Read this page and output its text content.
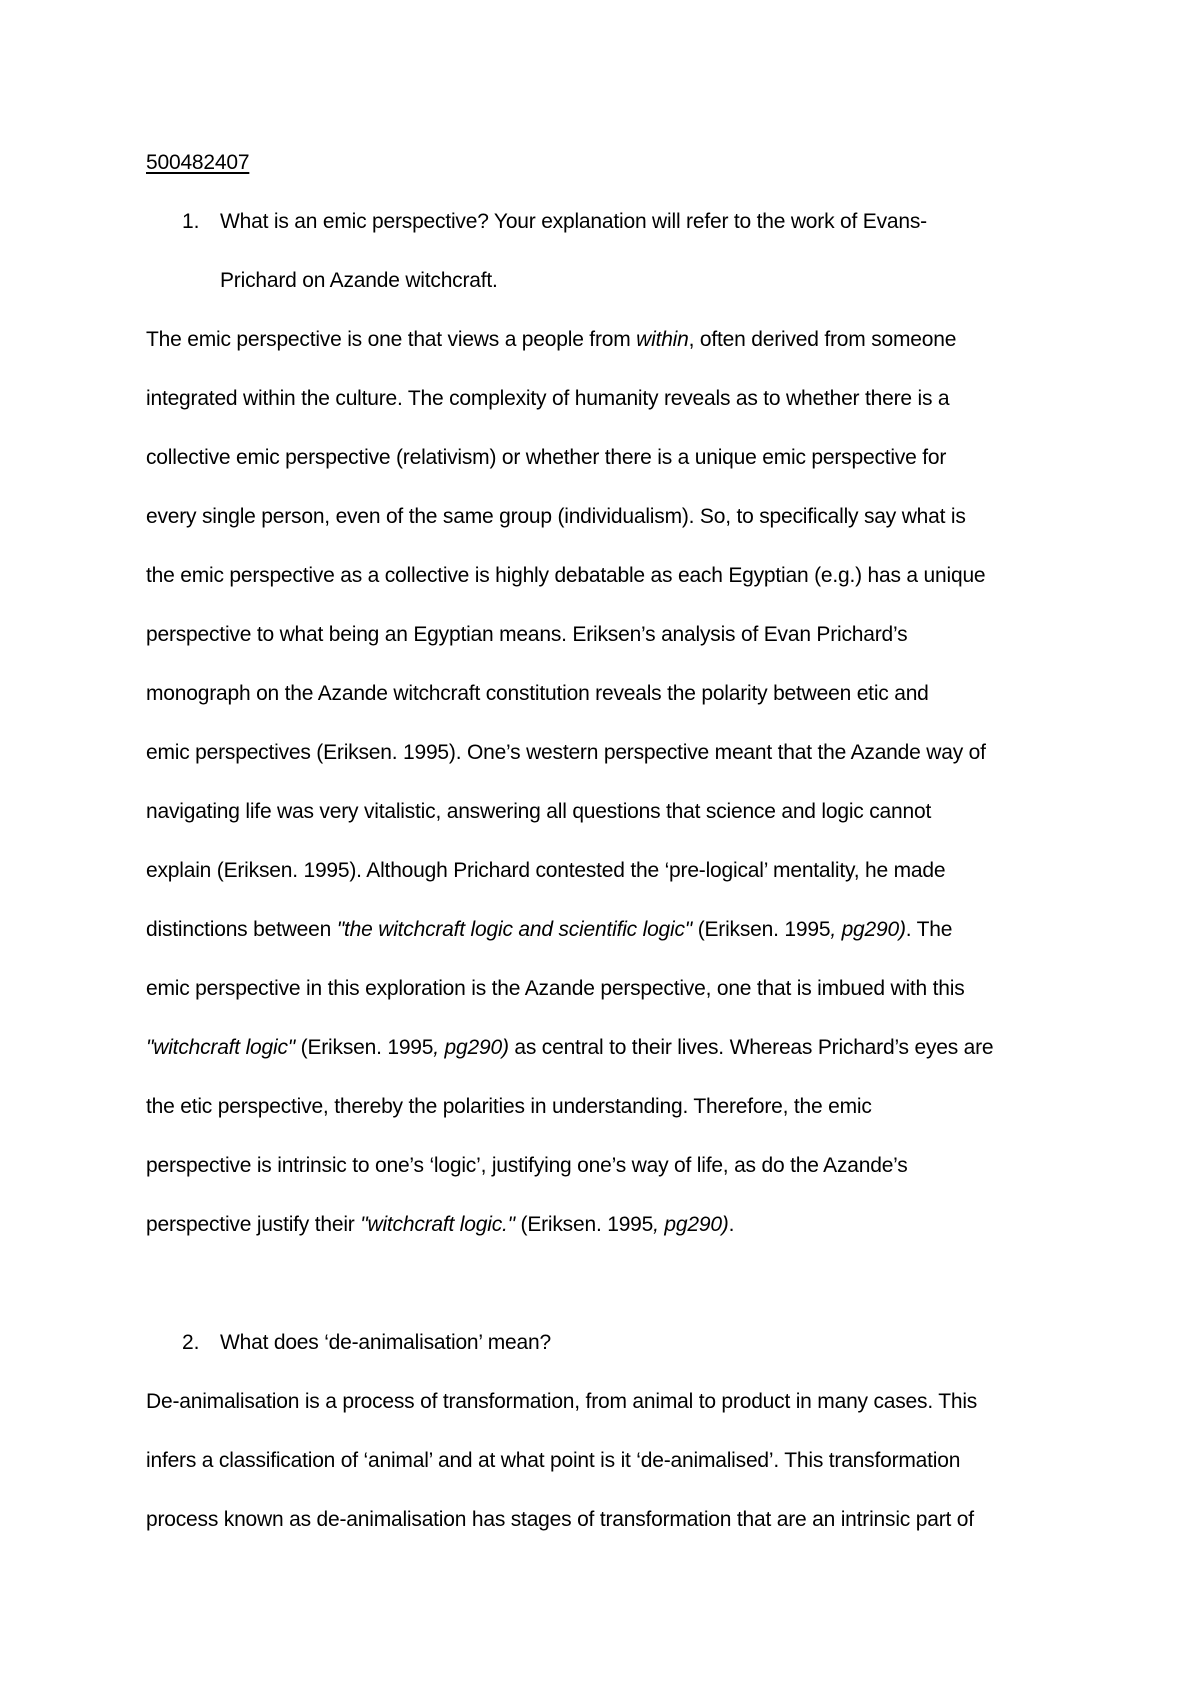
500482407
1. What is an emic perspective? Your explanation will refer to the work of Evans-
Prichard on Azande witchcraft.
The emic perspective is one that views a people from within, often derived from someone
integrated within the culture. The complexity of humanity reveals as to whether there is a
collective emic perspective (relativism) or whether there is a unique emic perspective for
every single person, even of the same group (individualism). So, to specifically say what is
the emic perspective as a collective is highly debatable as each Egyptian (e.g.) has a unique
perspective to what being an Egyptian means. Eriksen’s analysis of Evan Prichard’s
monograph on the Azande witchcraft constitution reveals the polarity between etic and
emic perspectives (Eriksen. 1995). One’s western perspective meant that the Azande way of
navigating life was very vitalistic, answering all questions that science and logic cannot
explain (Eriksen. 1995). Although Prichard contested the ‘pre-logical’ mentality, he made
distinctions between "the witchcraft logic and scientific logic" (Eriksen. 1995, pg290). The
emic perspective in this exploration is the Azande perspective, one that is imbued with this
"witchcraft logic" (Eriksen. 1995, pg290) as central to their lives. Whereas Prichard’s eyes are
the etic perspective, thereby the polarities in understanding. Therefore, the emic
perspective is intrinsic to one’s ‘logic’, justifying one’s way of life, as do the Azande’s
perspective justify their "witchcraft logic." (Eriksen. 1995, pg290).
2. What does ‘de-animalisation’ mean?
De-animalisation is a process of transformation, from animal to product in many cases. This
infers a classification of ‘animal’ and at what point is it ‘de-animalised’. This transformation
process known as de-animalisation has stages of transformation that are an intrinsic part of
